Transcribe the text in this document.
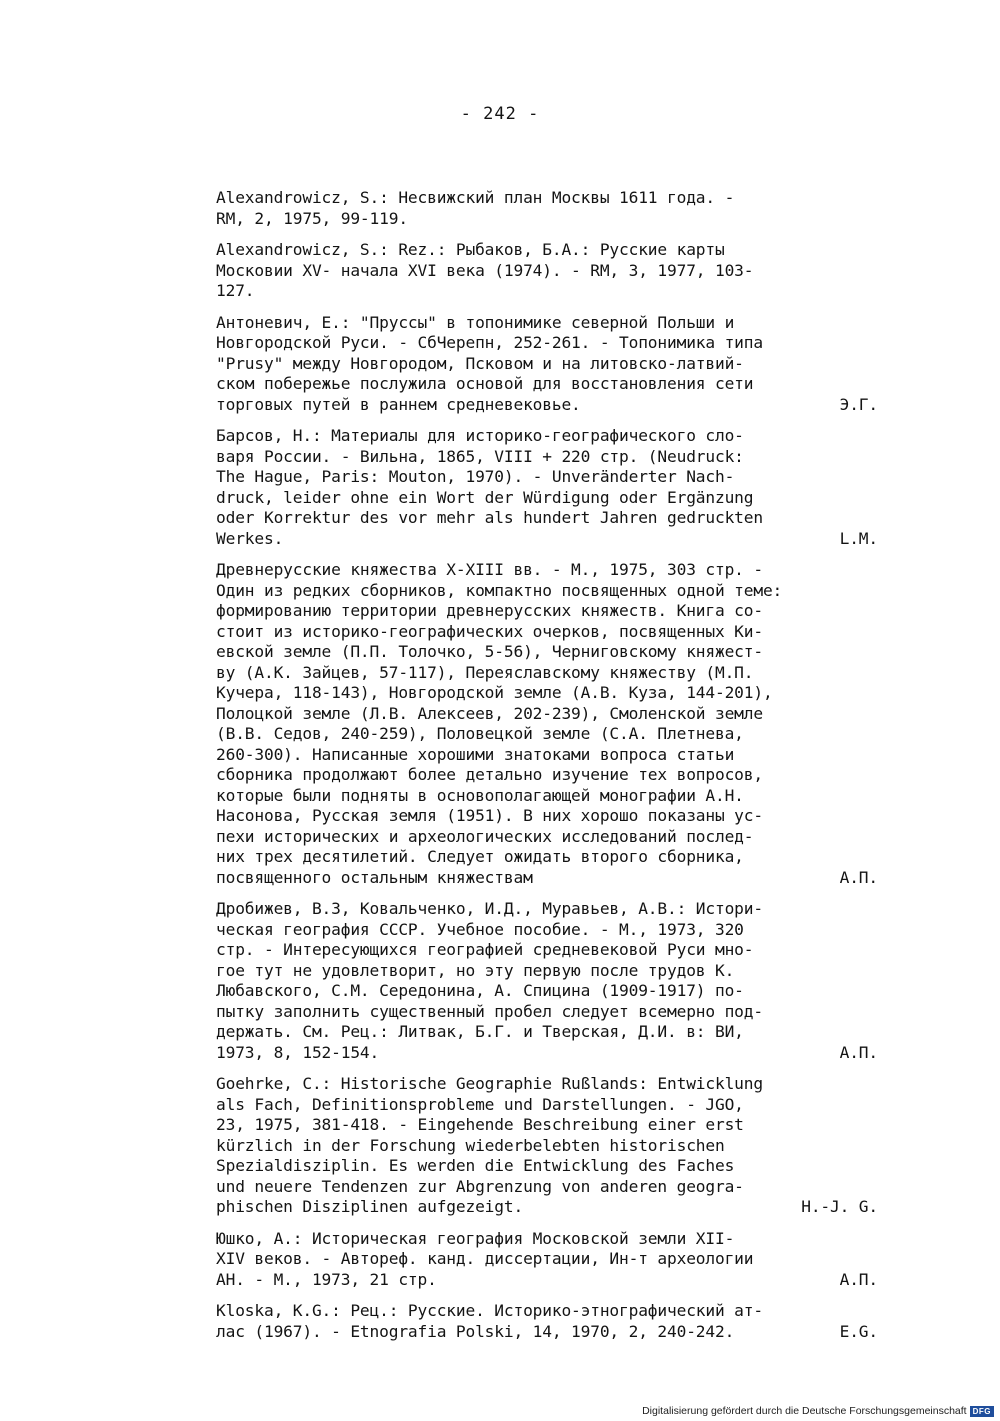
- 242 -
Alexandrowicz, S.: Несвижский план Москвы 1611 года. -
RM, 2, 1975, 99-119.
Alexandrowicz, S.: Rez.: Рыбаков, Б.А.: Русские карты
Московии XV- начала XVI века (1974). - RM, 3, 1977, 103-
127.
Антоневич, Е.: "Пруссы" в топонимике северной Польши и
Новгородской Руси. - СбЧерепн, 252-261. - Топонимика типа
"Prusy" между Новгородом, Псковом и на литовско-латвий-
ском побережье послужила основой для восстановления сети
торговых путей в раннем средневековье.	Э.Г.
Барсов, Н.: Материалы для историко-географического сло-
варя России. - Вильна, 1865, VIII + 220 стр. (Neudruck:
The Hague, Paris: Mouton, 1970). - Unveränderter Nach-
druck, leider ohne ein Wort der Würdigung oder Ergänzung
oder Korrektur des vor mehr als hundert Jahren gedruckten
Werkes.	L.M.
Древнерусские княжества X-XIII вв. - М., 1975, 303 стр. -
Один из редких сборников, компактно посвященных одной теме:
формированию территории древнерусских княжеств. Книга со-
стоит из историко-географических очерков, посвященных Ки-
евской земле (П.П. Толочко, 5-56), Черниговскому княжест-
ву (А.К. Зайцев, 57-117), Переяславскому княжеству (М.П.
Кучера, 118-143), Новгородской земле (А.В. Куза, 144-201),
Полоцкой земле (Л.В. Алексеев, 202-239), Смоленской земле
(В.В. Седов, 240-259), Половецкой земле (С.А. Плетнева,
260-300). Написанные хорошими знатоками вопроса статьи
сборника продолжают более детально изучение тех вопросов,
которые были подняты в основополагающей монографии А.Н.
Насонова, Русская земля (1951). В них хорошо показаны ус-
пехи исторических и археологических исследований послед-
них трех десятилетий. Следует ожидать второго сборника,
посвященного остальным княжествам	А.П.
Дробижев, В.З, Ковальченко, И.Д., Муравьев, А.В.: Истори-
ческая география СССР. Учебное пособие. - М., 1973, 320
стр. - Интересующихся географией средневековой Руси мно-
гое тут не удовлетворит, но эту первую после трудов К.
Любавского, С.М. Середонина, А. Спицина (1909-1917) по-
пытку заполнить существенный пробел следует всемерно под-
держать. См. Рец.: Литвак, Б.Г. и Тверская, Д.И. в: ВИ,
1973, 8, 152-154.	А.П.
Goehrke, C.: Historische Geographie Rußlands: Entwicklung
als Fach, Definitionsprobleme und Darstellungen. - JGO,
23, 1975, 381-418. - Eingehende Beschreibung einer erst
kürzlich in der Forschung wiederbelebten historischen
Spezialdisziplin. Es werden die Entwicklung des Faches
und neuere Tendenzen zur Abgrenzung von anderen geogra-
phischen Disziplinen aufgezeigt.	H.-J. G.
Юшко, А.: Историческая география Московской земли XII-
XIV веков. - Автореф. канд. диссертации, Ин-т археологии
АН. - М., 1973, 21 стр.	А.П.
Kloska, K.G.: Рец.: Русские. Историко-этнографический ат-
лас (1967). - Etnografia Polski, 14, 1970, 2, 240-242.	E.G.
Digitalisierung gefördert durch die Deutsche Forschungsgemeinschaft DFG
